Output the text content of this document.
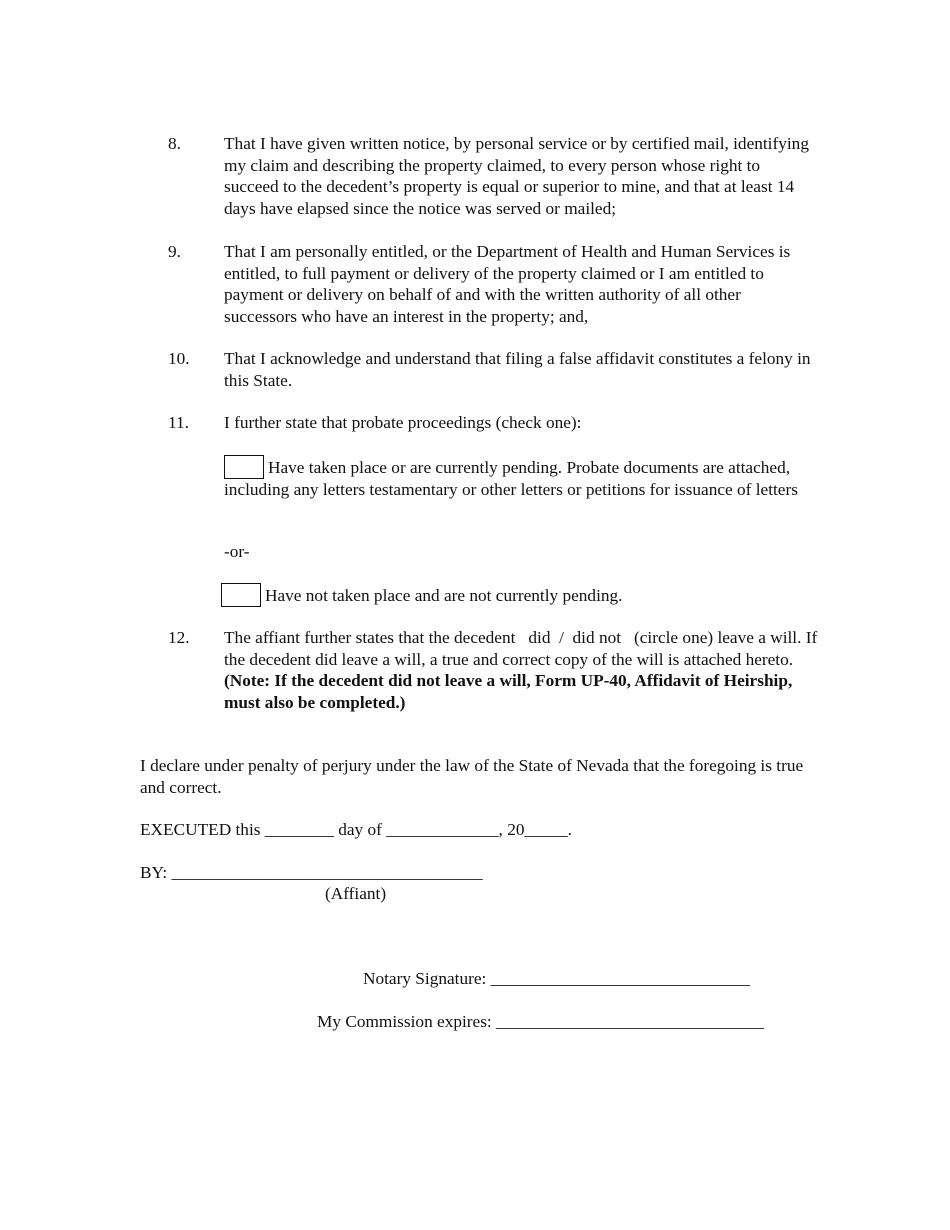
8. That I have given written notice, by personal service or by certified mail, identifying my claim and describing the property claimed, to every person whose right to succeed to the decedent’s property is equal or superior to mine, and that at least 14 days have elapsed since the notice was served or mailed;
9. That I am personally entitled, or the Department of Health and Human Services is entitled, to full payment or delivery of the property claimed or I am entitled to payment or delivery on behalf of and with the written authority of all other successors who have an interest in the property; and,
10. That I acknowledge and understand that filing a false affidavit constitutes a felony in this State.
11. I further state that probate proceedings (check one):
Have taken place or are currently pending. Probate documents are attached, including any letters testamentary or other letters or petitions for issuance of letters
-or-
Have not taken place and are not currently pending.
12. The affiant further states that the decedent   did  /  did not   (circle one) leave a will. If the decedent did leave a will, a true and correct copy of the will is attached hereto. (Note: If the decedent did not leave a will, Form UP-40, Affidavit of Heirship, must also be completed.)
I declare under penalty of perjury under the law of the State of Nevada that the foregoing is true and correct.
EXECUTED this ________ day of _____________, 20_____.
BY: ____________________________________
(Affiant)
Notary Signature: ______________________________
My Commission expires: _______________________________
